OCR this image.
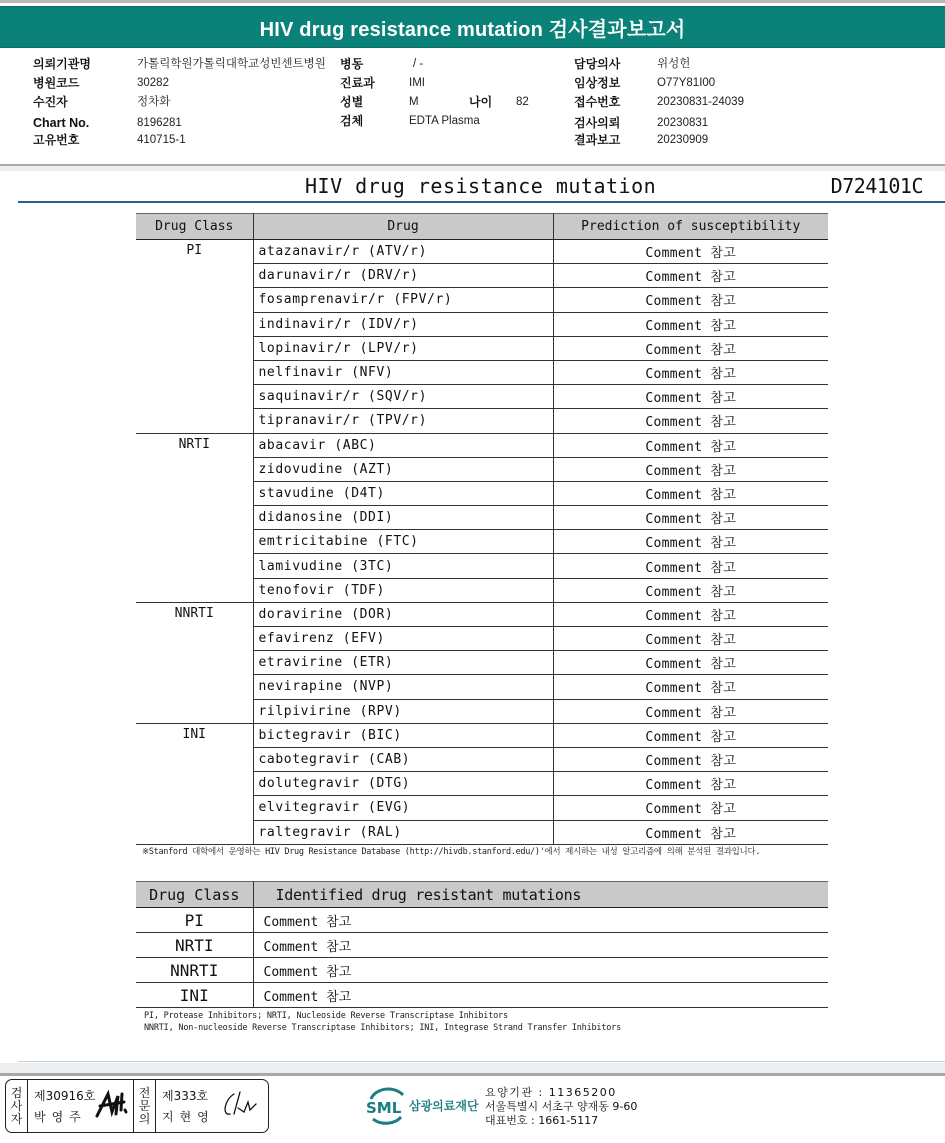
HIV drug resistance mutation 검사결과보고서
의뢰기관명	가톨릭학원가톨릭대학교성빈센트병원 병동	/ -	담당의사	위성헌
병원코드	30282	진료과	IMI	임상정보	O77Y81I00
수진자	정차화	성별	M	나이 82	접수번호	20230831-24039
Chart No.	8196281	검체	EDTA Plasma	검사의뢰	20230831
고유번호	410715-1	결과보고	20230909
HIV drug resistance mutation	D724101C
Drug Class	Drug	Prediction of susceptibility
PI	atazanavir/r (ATV/r)	Comment 참고
	darunavir/r (DRV/r)	Comment 참고
	fosamprenavir/r (FPV/r)	Comment 참고
	indinavir/r (IDV/r)	Comment 참고
	lopinavir/r (LPV/r)	Comment 참고
	nelfinavir (NFV)	Comment 참고
	saquinavir/r (SQV/r)	Comment 참고
	tipranavir/r (TPV/r)	Comment 참고
NRTI	abacavir (ABC)	Comment 참고
	zidovudine (AZT)	Comment 참고
	stavudine (D4T)	Comment 참고
	didanosine (DDI)	Comment 참고
	emtricitabine (FTC)	Comment 참고
	lamivudine (3TC)	Comment 참고
	tenofovir (TDF)	Comment 참고
NNRTI	doravirine (DOR)	Comment 참고
	efavirenz (EFV)	Comment 참고
	etravirine (ETR)	Comment 참고
	nevirapine (NVP)	Comment 참고
	rilpivirine (RPV)	Comment 참고
INI	bictegravir (BIC)	Comment 참고
	cabotegravir (CAB)	Comment 참고
	dolutegravir (DTG)	Comment 참고
	elvitegravir (EVG)	Comment 참고
	raltegravir (RAL)	Comment 참고
※Stanford 대학에서 운영하는 HIV Drug Resistance Database (http://hivdb.stanford.edu/)'에서 제시하는 내성 알고리즘에 의해 분석된 결과입니다.
Drug Class	Identified drug resistant mutations
PI	Comment 참고
NRTI	Comment 참고
NNRTI	Comment 참고
INI	Comment 참고
PI, Protease Inhibitors; NRTI, Nucleoside Reverse Transcriptase Inhibitors
NNRTI, Non-nucleoside Reverse Transcriptase Inhibitors; INI, Integrase Strand Transfer Inhibitors
검
사
자
제30916호
박영주
전
문
의
제333호
지현영	SML 삼광의료재단
요양기관 : 11365200
서울특별시 서초구 양재동 9-60
대표번호 : 1661-5117
